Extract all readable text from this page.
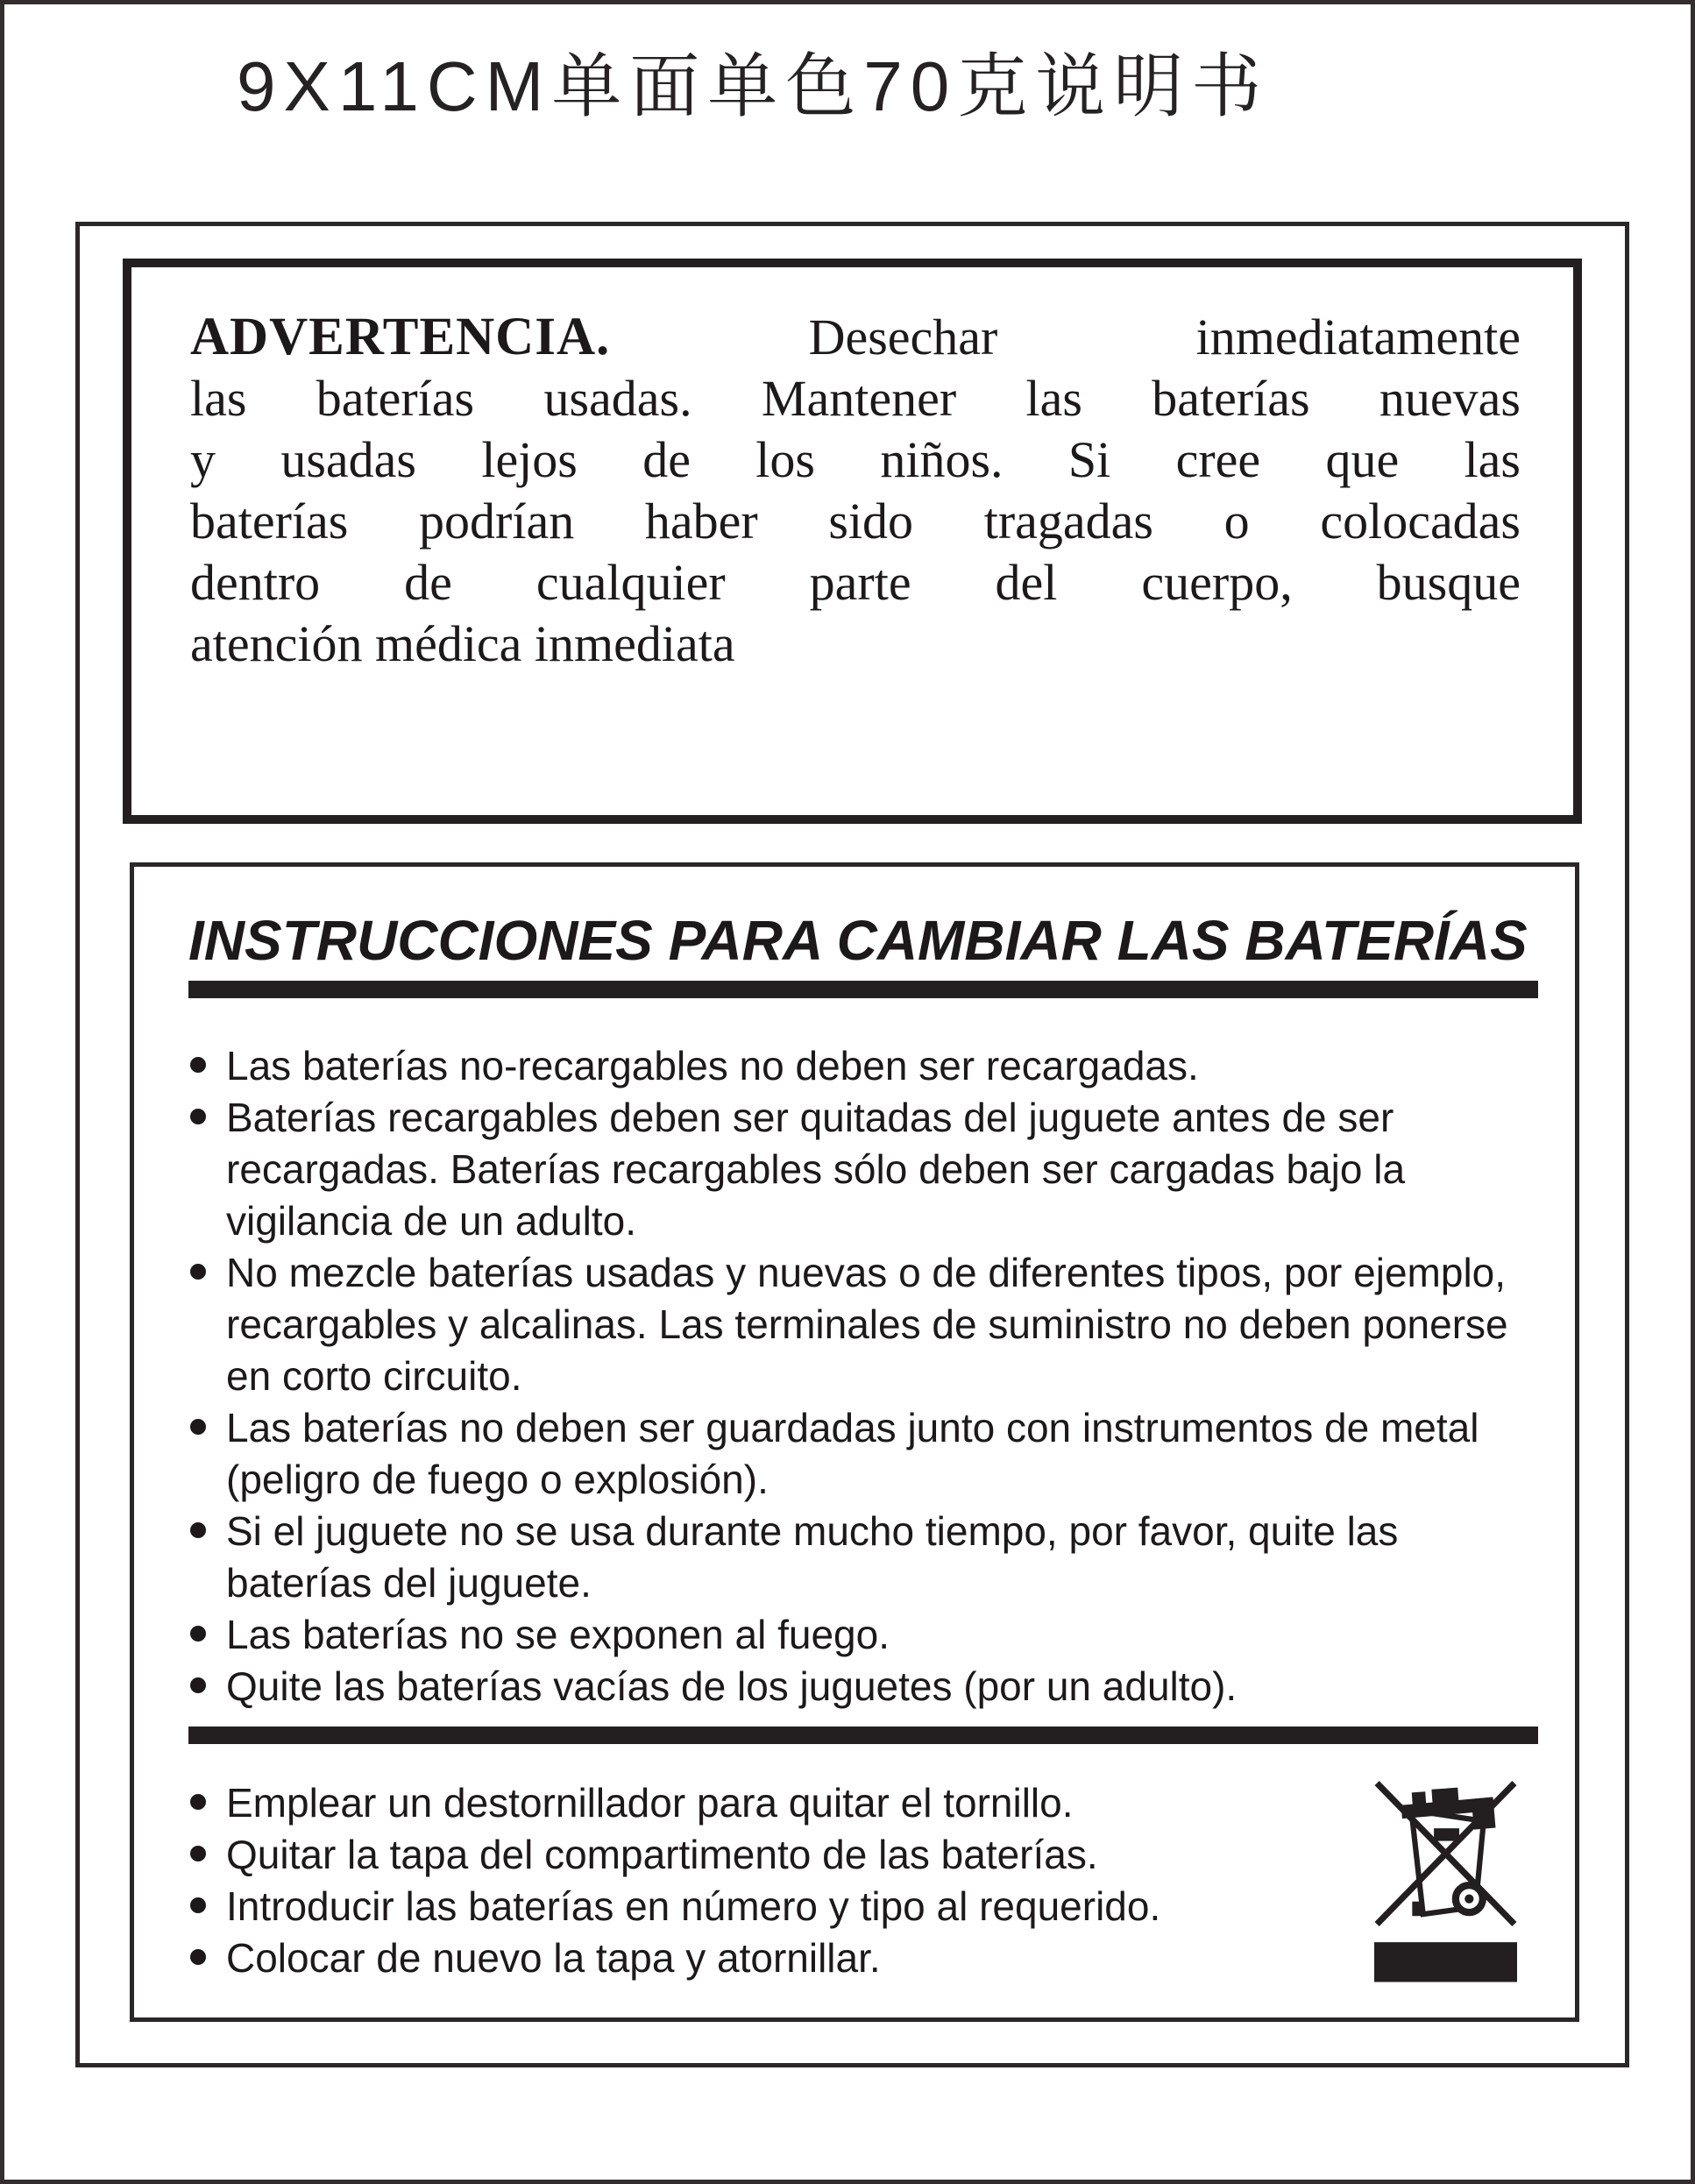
9X11CM单面单色70克说明书
ADVERTENCIA.	Desechar	inmediatamente
las baterías usadas. Mantener las baterías nuevas
y usadas lejos de los niños. Si cree que las
baterías podrían haber sido tragadas o colocadas
dentro de cualquier parte del cuerpo, busque
atención médica inmediata
INSTRUCCIONES PARA CAMBIAR LAS BATERÍAS
Las baterías no-recargables no deben ser recargadas.
Baterías recargables deben ser quitadas del juguete antes de ser recargadas. Baterías recargables sólo deben ser cargadas bajo la vigilancia de un adulto.
No mezcle baterías usadas y nuevas o de diferentes tipos, por ejemplo, recargables y alcalinas. Las terminales de suministro no deben ponerse en corto circuito.
Las baterías no deben ser guardadas junto con instrumentos de metal (peligro de fuego o explosión).
Si el juguete no se usa durante mucho tiempo, por favor, quite las baterías del juguete.
Las baterías no se exponen al fuego.
Quite las baterías vacías de los juguetes (por un adulto).
Emplear un destornillador para quitar el tornillo.
Quitar la tapa del compartimento de las baterías.
Introducir las baterías en número y tipo al requerido.
Colocar de nuevo la tapa y atornillar.
